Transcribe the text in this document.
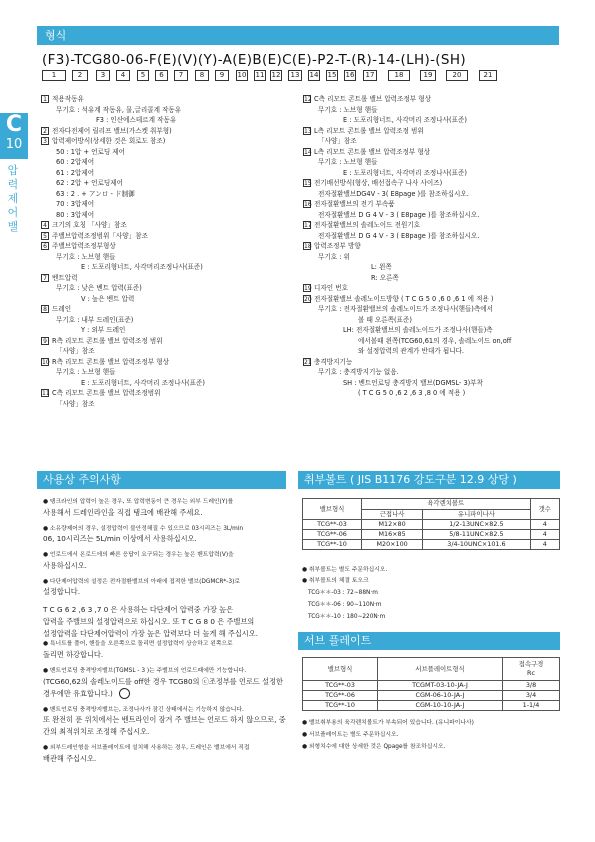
형식
(F3)-TCG80-06-F(E)(V)(Y)-A(E)B(E)C(E)-P2-T-(R)-14-(LH)-(SH)
1	2	3	4	5	6	7	8	9	10 11 12	13	14 15 16	17	18	19	20	21
C
10
압
력
제
어
밸
1 적용작동유
무기호 : 석유계 작동유, 물,글리콜계 작동유
F3 : 인산에스테르계 작동유
2 전자다전제어 릴리프 밸브(가스켓 취부형)
3 압력제어방식(상세한 것은 회로도 참조)
50 : 1압 + 언로딩 제어
60 : 2압제어
61 : 2압제어
62 : 2압 + 언로딩제어
63 : 2 . + アンロ - ド制御
70 : 3압제어
80 : 3압제어
4 크기의 호칭 「사양」참조
5 주밸브압력조정범위「사양」참조
6 주밸브압력조정부형상
무기호 : 노브형 핸들
E : 도포리형너트, 사각머리조정나사(표준)
7 벤트압력
무기호 : 낮은 벤트 압력(표준)
V : 높은 벤트 압력
8 드레인
무기호 : 내부 드레인(표준)
Y : 외부 드레인
9 R측 리모트 콘트롤 밸브 압력조정 범위
「사양」참조
10 R측 리모트 콘트롤 밸브 압력조정부 형상
무기호 : 노브형 핸들
E : 도포리형너트, 사각머리 조정나사(표준)
11 C측 리모트 콘트롤 밸브 압력조정범위
「사양」참조
12 C측 리모트 콘트롤 밸브 압력조정부 형상
무기호 : 노브형 핸들
E : 도포리형너트, 사각머리 조정나사(표준)
13 L측 리모트 콘트롤 밸브 압력조정 범위
「사양」참조
14 L측 리모트 콘트롤 밸브 압력조정부 형상
무기호 : 노브형 핸들
E : 도포리형너트, 사각머리 조정나사(표준)
15 전기배선방식(형상, 배선접속구 나사 사이즈)
전자절환밸브DG4V - 3( E8page )를 참조하십시오.
16 전자절환밸브의 전기 부속품
전자절환밸브 D G 4 V - 3 ( E8page )를 참조하십시오.
17 전자절환밸브의 솔레노이드 전원기호
전자절환밸브 D G 4 V - 3 ( E8page )를 참조하십시오.
18 압력조정부 방향
무기호 : 위
L: 왼쪽
R: 오른쪽
19 디자인 번호
20 전자절환밸브 솔레노이드방향 ( T C G 5 0 ,6 0 ,6 1 에 적용 )
무기호 : 전자절환밸브의 솔레노이드가 조정나사(핸들)측에서
볼 때 오른쪽(표준)
LH: 전자절환밸브의 솔레노이드가 조정나사(핸들)측
에서볼때 왼쪽(TCG60,61의 경우, 솔레노이드 on,off
와 설정압력의 관계가 반대가 됩니다.
21 충격방지기능
무기호 : 충격방지기능 없음.
SH : 벤트언로딩 충격방지 밸브(DGMSL- 3)부착
( T C G 5 0 ,6 2 ,6 3 ,8 0 에 적용 )
사용상 주의사항

● 탱크라인의 압력이 높은 경우, 또 압력변동이 큰 경우는 외부 드레인(Y)를
사용해서 드레인라인을 직접 탱크에 배관해 주세요.

● 소유량제어의 경우, 설정압력이 불안정해질 수 있으므로 03시리즈는 3L/min
06, 10시리즈는 5L/min 이상에서 사용하십시오.

● 언로드에서 온로드에의 빠른 응답이 요구되는 경우는 높은 벤트압력(V)을
사용하십시오.

● 다단제어압력의 설정은 전자절환밸브의 아래에 접적한 밸브(DGMCR*-3)로
설정합니다.

T C G 6 2 ,6 3 ,7 0 은 사용하는 다단제어 압력중 가장 높은

압력을 주밸브의 설정압력으로 하십시오. 또 T C G 8 0 은 주밸브의

설정압력을 다단제어압력이 가장 높은 압력보다 더 높게 해 주십시오.

● 특너트를 풀어, 핸들을 오른쪽으로 돌리면 설정압력이 상승하고 왼쪽으로
돌리면 하강합니다.

● 벤트언로딩 충격방지밸브(TGMSL - 3 )는 주밸브의 언로드때에만 기능합니다.
(TCG60,62의 솔레노이드를 off한 경우 TCG80의 ⓒ조정부를 언로드 설정한 경우에만 유효합니다.)

● 벤트언로딩 충격방지밸브는, 조정나사가 잠긴 상태에서는 기능하지 않습니다.
또 완전히 푼 위치에서는 벤트라인이 잠겨 주 밸브는 언로드 하지 않으므로, 중간의 최적위치로 조정해 주십시오.

● 외부드레인형을 서브플레이트에 설치해 사용하는 경우, 드레인은 밸브에서 직접
배관해 주십시오.

취부볼트 ( JIS B1176 강도구분 12.9 상당 )
밸브형식	육각렌치볼트		갯수
	근접나사	유니파이나사	
TCG**-03	M12×80	1/2-13UNC×82.5	4
TCG**-06	M16×85	5/8-11UNC×82.5	4
TCG**-10	M20×100	3/4-10UNC×101.6	4
● 취부볼트는 별도 주문하십시오.
● 취부볼트의 체결 토오크
TCG＊＊-03 : 72∼88N·m
TCG＊＊-06 : 90∼110N·m
TCG＊＊-10 : 180∼220N·m
서브 플레이트
밸브형식	서브플레이트형식	접속구경
Rc

TCG**-03	TCGMT-03-10-JA-J	3/8
TCG**-06	CGM-06-10-JA-J	3/4
TCG**-10	CGM-10-10-JA-J	1-1/4
● 밸브취부용의 육각렌치볼트가 부속되어 있습니다. (유니파이나사)
● 서브플레이트는 별도 주문하십시오.
● 외형치수에 대한 상세한 것은 Qpage를 참조하십시오.
